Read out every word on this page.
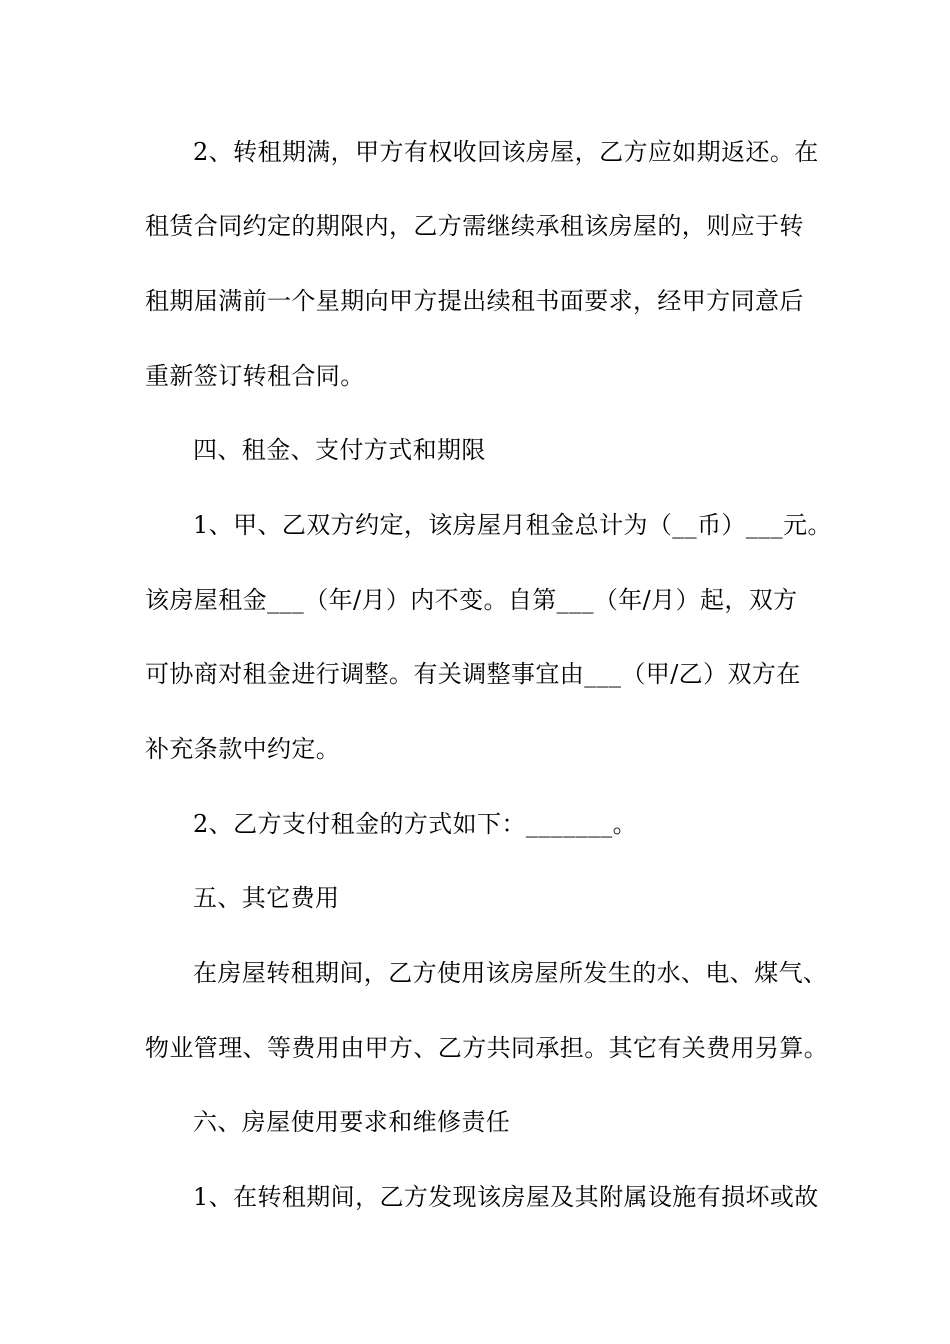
2、转租期满，甲方有权收回该房屋，乙方应如期返还。在
租赁合同约定的期限内，乙方需继续承租该房屋的，则应于转
租期届满前一个星期向甲方提出续租书面要求，经甲方同意后
重新签订转租合同。
四、租金、支付方式和期限
1、甲、乙双方约定，该房屋月租金总计为（__币）___元。
该房屋租金___（年/月）内不变。自第___（年/月）起，双方
可协商对租金进行调整。有关调整事宜由___（甲/乙）双方在
补充条款中约定。
2、乙方支付租金的方式如下：_______。
五、其它费用
在房屋转租期间，乙方使用该房屋所发生的水、电、煤气、
物业管理、等费用由甲方、乙方共同承担。其它有关费用另算。
六、房屋使用要求和维修责任
1、在转租期间，乙方发现该房屋及其附属设施有损坏或故
